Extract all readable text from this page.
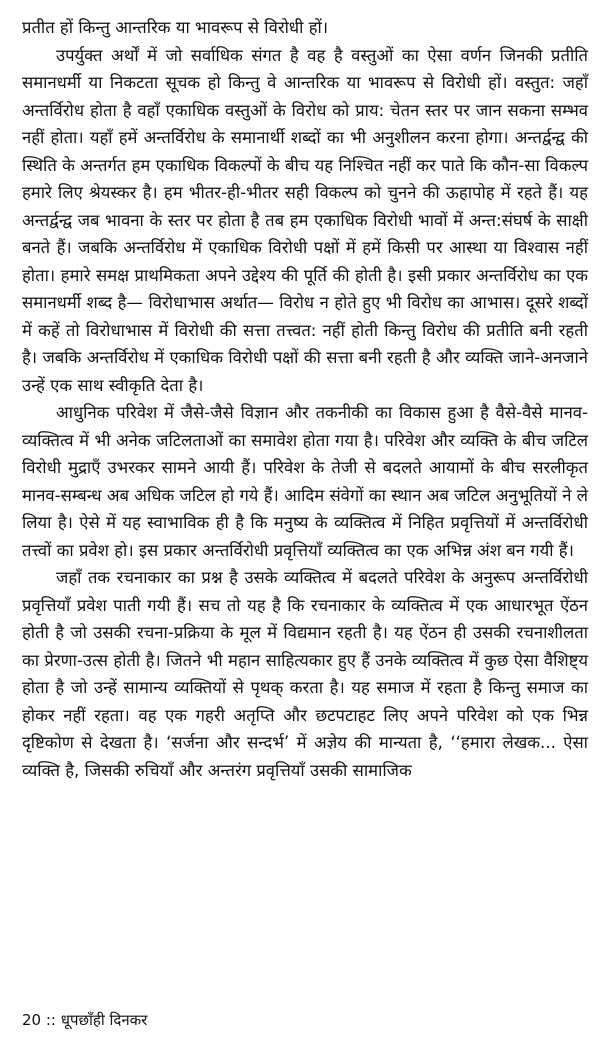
प्रतीत हों किन्तु आन्तरिक या भावरूप से विरोधी हों।

उपर्युक्त अर्थों में जो सर्वाधिक संगत है वह है वस्तुओं का ऐसा वर्णन जिनकी प्रतीति समानधर्मी या निकटता सूचक हो किन्तु वे आन्तरिक या भावरूप से विरोधी हों। वस्तुत: जहाँ अन्तर्विरोध होता है वहाँ एकाधिक वस्तुओं के विरोध को प्राय: चेतन स्तर पर जान सकना सम्भव नहीं होता। यहाँ हमें अन्तर्विरोध के समानार्थी शब्दों का भी अनुशीलन करना होगा। अन्तर्द्वन्द्व की स्थिति के अन्तर्गत हम एकाधिक विकल्पों के बीच यह निश्चित नहीं कर पाते कि कौन-सा विकल्प हमारे लिए श्रेयस्कर है। हम भीतर-ही-भीतर सही विकल्प को चुनने की ऊहापोह में रहते हैं। यह अन्तर्द्वन्द्व जब भावना के स्तर पर होता है तब हम एकाधिक विरोधी भावों में अन्त:संघर्ष के साक्षी बनते हैं। जबकि अन्तर्विरोध में एकाधिक विरोधी पक्षों में हमें किसी पर आस्था या विश्वास नहीं होता। हमारे समक्ष प्राथमिकता अपने उद्देश्य की पूर्ति की होती है। इसी प्रकार अन्तर्विरोध का एक समानधर्मी शब्द है— विरोधाभास अर्थात— विरोध न होते हुए भी विरोध का आभास। दूसरे शब्दों में कहें तो विरोधाभास में विरोधी की सत्ता तत्त्वत: नहीं होती किन्तु विरोध की प्रतीति बनी रहती है। जबकि अन्तर्विरोध में एकाधिक विरोधी पक्षों की सत्ता बनी रहती है और व्यक्ति जाने-अनजाने उन्हें एक साथ स्वीकृति देता है।

आधुनिक परिवेश में जैसे-जैसे विज्ञान और तकनीकी का विकास हुआ है वैसे-वैसे मानव-व्यक्तित्व में भी अनेक जटिलताओं का समावेश होता गया है। परिवेश और व्यक्ति के बीच जटिल विरोधी मुद्राएँ उभरकर सामने आयी हैं। परिवेश के तेजी से बदलते आयामों के बीच सरलीकृत मानव-सम्बन्ध अब अधिक जटिल हो गये हैं। आदिम संवेगों का स्थान अब जटिल अनुभूतियों ने ले लिया है। ऐसे में यह स्वाभाविक ही है कि मनुष्य के व्यक्तित्व में निहित प्रवृत्तियों में अन्तर्विरोधी तत्त्वों का प्रवेश हो। इस प्रकार अन्तर्विरोधी प्रवृत्तियाँ व्यक्तित्व का एक अभिन्न अंश बन गयी हैं।

जहाँ तक रचनाकार का प्रश्न है उसके व्यक्तित्व में बदलते परिवेश के अनुरूप अन्तर्विरोधी प्रवृत्तियाँ प्रवेश पाती गयी हैं। सच तो यह है कि रचनाकार के व्यक्तित्व में एक आधारभूत ऐंठन होती है जो उसकी रचना-प्रक्रिया के मूल में विद्यमान रहती है। यह ऐंठन ही उसकी रचनाशीलता का प्रेरणा-उत्स होती है। जितने भी महान साहित्यकार हुए हैं उनके व्यक्तित्व में कुछ ऐसा वैशिष्ट्य होता है जो उन्हें सामान्य व्यक्तियों से पृथक् करता है। यह समाज में रहता है किन्तु समाज का होकर नहीं रहता। वह एक गहरी अतृप्ति और छटपटाहट लिए अपने परिवेश को एक भिन्न दृष्टिकोण से देखता है। ‘सर्जना और सन्दर्भ’ में अज्ञेय की मान्यता है, ‘‘हमारा लेखक... ऐसा व्यक्ति है, जिसकी रुचियाँ और अन्तरंग प्रवृत्तियाँ उसकी सामाजिक

20 :: धूपछाँही दिनकर
